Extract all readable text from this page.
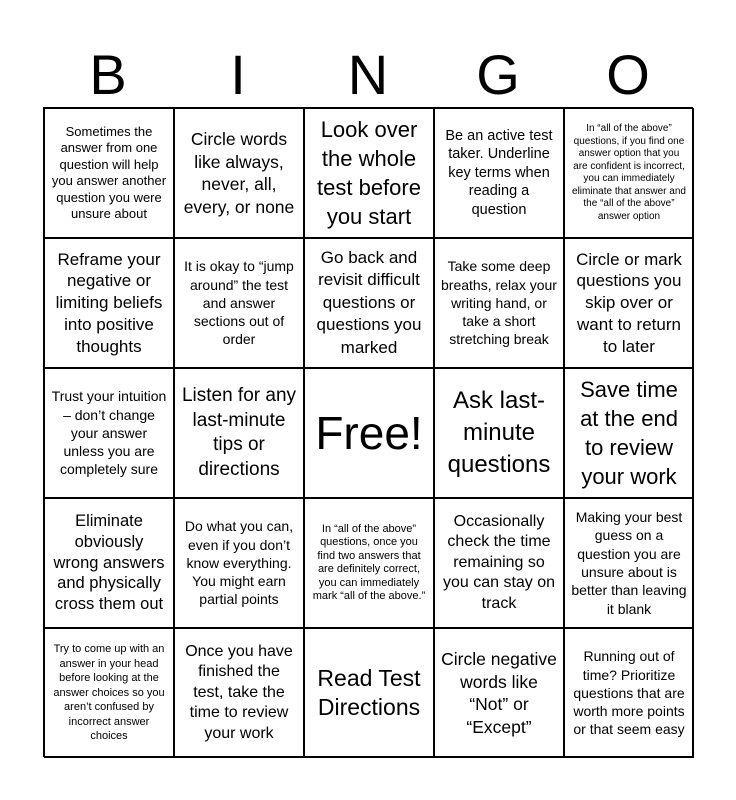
B	I	N	G	O
Sometimes the answer from one question will help you answer another question you were unsure about
Circle words like always, never, all, every, or none
Look over the whole test before you start
Be an active test taker. Underline key terms when reading a question
In “all of the above” questions, if you find one answer option that you are confident is incorrect, you can immediately eliminate that answer and the “all of the above” answer option
Reframe your negative or limiting beliefs into positive thoughts
It is okay to “jump around” the test and answer sections out of order
Go back and revisit difficult questions or questions you marked
Take some deep breaths, relax your writing hand, or take a short stretching break
Circle or mark questions you skip over or want to return to later
Trust your intuition – don’t change your answer unless you are completely sure
Listen for any last-minute tips or directions
Free!
Ask last-minute questions
Save time at the end to review your work
Eliminate obviously wrong answers and physically cross them out
Do what you can, even if you don’t know everything. You might earn partial points
In “all of the above” questions, once you find two answers that are definitely correct, you can immediately mark “all of the above.”
Occasionally check the time remaining so you can stay on track
Making your best guess on a question you are unsure about is better than leaving it blank
Try to come up with an answer in your head before looking at the answer choices so you aren’t confused by incorrect answer choices
Once you have finished the test, take the time to review your work
Read Test Directions
Circle negative words like “Not” or “Except”
Running out of time? Prioritize questions that are worth more points or that seem easy
